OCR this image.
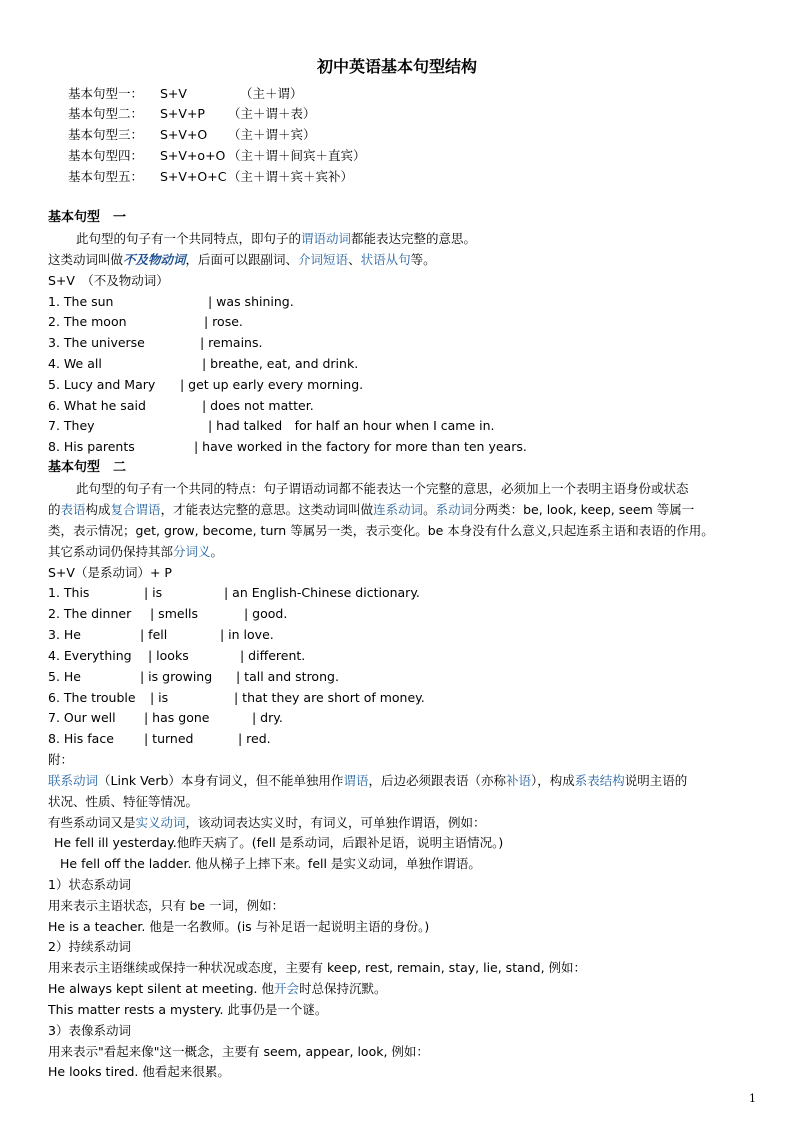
初中英语基本句型结构
基本句型一： S+V	（主＋谓）
基本句型二： S+V+P （主＋谓＋表）
基本句型三： S+V+O （主＋谓＋宾）
基本句型四： S+V+o+O （主＋谓＋间宾＋直宾）
基本句型五： S+V+O+C （主＋谓＋宾＋宾补）
基本句型　一
此句型的句子有一个共同特点，即句子的谓语动词都能表达完整的意思。
这类动词叫做不及物动词，后面可以跟副词、介词短语、状语从句等。
S+V　（不及物动词）
1. The sun	| was shining.
2. The moon	| rose.
3. The universe	| remains.
4. We all	| breathe, eat, and drink.
5. Lucy and Mary | get up early every morning.
6. What he said	| does not matter.
7. They	| had talked　for half an hour when I came in.
8. His parents	| have worked in the factory for more than ten years.
基本句型　二
此句型的句子有一个共同的特点：句子谓语动词都不能表达一个完整的意思，必须加上一个表明主语身份或状态
的表语构成复合谓语，才能表达完整的意思。这类动词叫做连系动词。系动词分两类：be, look, keep, seem 等属一
类，表示情况；get, grow, become, turn 等属另一类，表示变化。be 本身没有什么意义,只起连系主语和表语的作用。
其它系动词仍保持其部分词义。
S+V（是系动词）+ P
1. This	| is	| an English-Chinese dictionary.
2. The dinner | smells	| good.
3. He	| fell	| in love.
4. Everything | looks	| different.
5. He	| is growing | tall and strong.
6. The trouble | is	| that they are short of money.
7. Our well | has gone	| dry.
8. His face | turned	| red.
附：
联系动词（Link Verb）本身有词义，但不能单独用作谓语，后边必须跟表语（亦称补语），构成系表结构说明主语的
状况、性质、特征等情况。
有些系动词又是实义动词，该动词表达实义时，有词义，可单独作谓语，例如：
He fell ill yesterday.他昨天病了。(fell 是系动词，后跟补足语，说明主语情况。)
He fell off the ladder. 他从梯子上摔下来。fell 是实义动词，单独作谓语。
1）状态系动词
用来表示主语状态，只有 be 一词，例如：
He is a teacher. 他是一名教师。(is 与补足语一起说明主语的身份。)
2）持续系动词
用来表示主语继续或保持一种状况或态度，主要有 keep, rest, remain, stay, lie, stand, 例如：
He always kept silent at meeting. 他开会时总保持沉默。
This matter rests a mystery. 此事仍是一个谜。
3）表像系动词
用来表示"看起来像"这一概念，主要有 seem, appear, look, 例如：
He looks tired. 他看起来很累。
1
